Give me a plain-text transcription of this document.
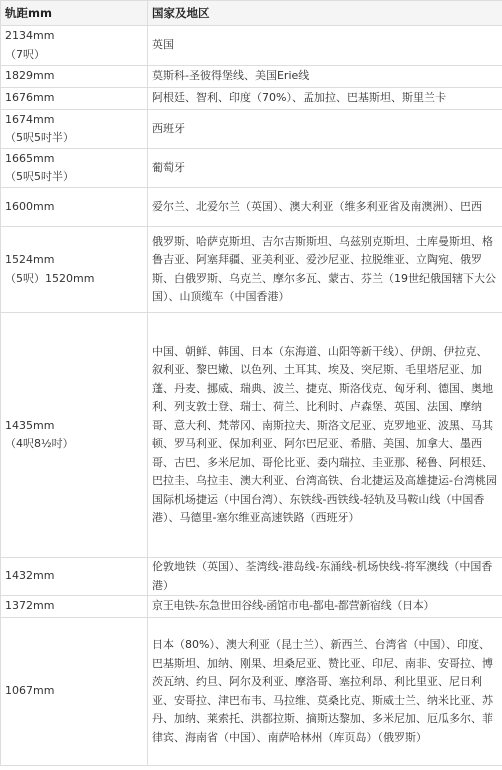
轨距mm	国家及地区
2134mm
（7呎）	英国
1829mm	莫斯科-圣彼得堡线、美国Erie线
1676mm	阿根廷、智利、印度（70%）、孟加拉、巴基斯坦、斯里兰卡
1674mm
（5呎5吋半）	西班牙
1665mm
（5呎5吋半）	葡萄牙
1600mm	爱尔兰、北爱尔兰（英国）、澳大利亚（维多利亚省及南澳洲）、巴西
1524mm
（5呎）1520mm	俄罗斯、哈萨克斯坦、吉尔吉斯斯坦、乌兹别克斯坦、土库曼斯坦、格鲁吉亚、阿塞拜疆、亚美利亚、爱沙尼亚、拉脱维亚、立陶宛、俄罗斯、白俄罗斯、乌克兰、摩尔多瓦、蒙古、芬兰（19世纪俄国辖下大公国）、山顶缆车（中国香港）
1435mm
（4呎8½吋）	中国、朝鲜、韩国、日本（东海道、山阳等新干线）、伊朗、伊拉克、叙利亚、黎巴嫩、以色列、土耳其、埃及、突尼斯、毛里塔尼亚、加蓬、丹麦、挪威、瑞典、波兰、捷克、斯洛伐克、匈牙利、德国、奥地利、列支敦士登、瑞士、荷兰、比利时、卢森堡、英国、法国、摩纳哥、意大利、梵蒂冈、南斯拉夫、斯洛文尼亚、克罗地亚、波黑、马其顿、罗马利亚、保加利亚、阿尔巴尼亚、希腊、美国、加拿大、墨西哥、古巴、多米尼加、哥伦比亚、委内瑞拉、圭亚那、秘鲁、阿根廷、巴拉圭、乌拉圭、澳大利亚、台湾高铁、台北捷运及高雄捷运-台湾桃园国际机场捷运（中国台湾）、东铁线-西铁线-轻轨及马鞍山线（中国香港）、马德里-塞尔维亚高速铁路（西班牙）
1432mm	伦敦地铁（英国）、荃湾线-港岛线-东涌线-机场快线-将军澳线（中国香港）
1372mm	京王电铁-东急世田谷线-函馆市电-都电-都营新宿线（日本）
1067mm	日本（80%）、澳大利亚（昆士兰）、新西兰、台湾省（中国）、印度、巴基斯坦、加纳、刚果、坦桑尼亚、赞比亚、印尼、南非、安哥拉、博茨瓦纳、约旦、阿尔及利亚、摩洛哥、塞拉利昂、利比里亚、尼日利亚、安哥拉、津巴布韦、马拉维、莫桑比克、斯威士兰、纳米比亚、苏丹、加纳、莱索托、洪都拉斯、摘斯达黎加、多米尼加、厄瓜多尔、菲律宾、海南省（中国）、南萨哈林州（库页岛）（俄罗斯）
